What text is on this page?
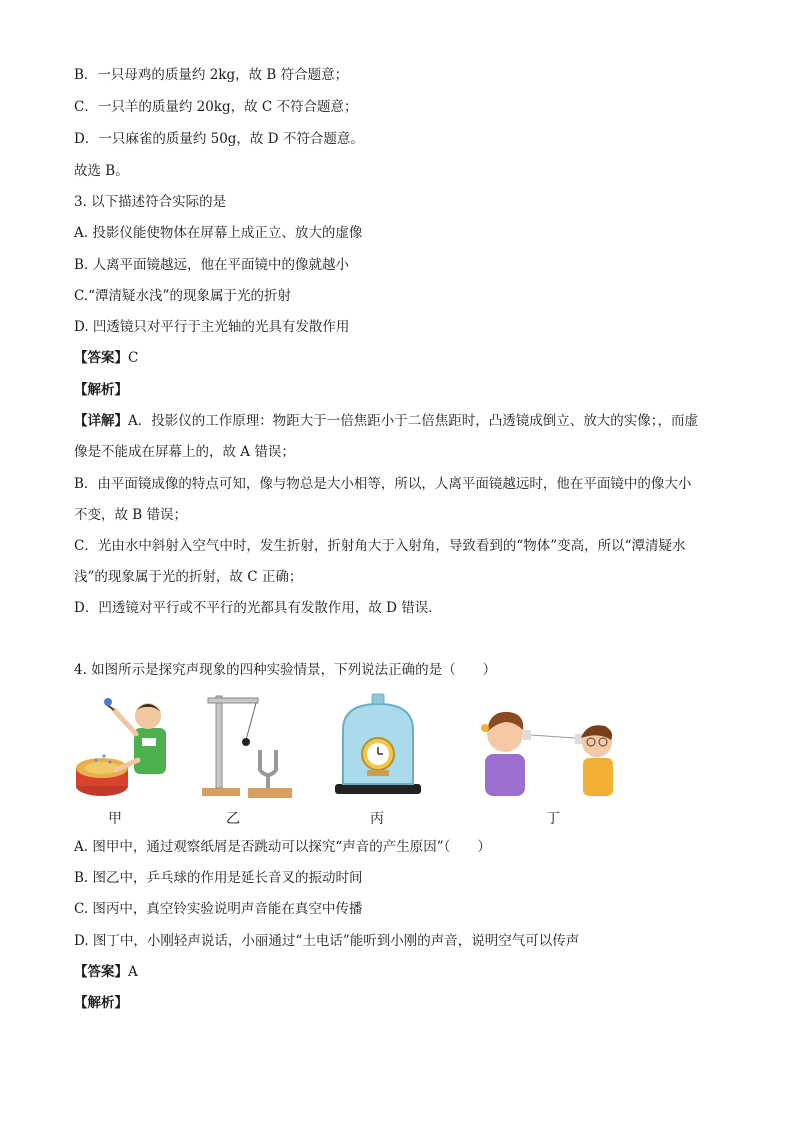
B．一只母鸡的质量约 2kg，故 B 符合题意；
C．一只羊的质量约 20kg，故 C 不符合题意；
D．一只麻雀的质量约 50g，故 D 不符合题意。
故选 B。
3. 以下描述符合实际的是
A. 投影仪能使物体在屏幕上成正立、放大的虚像
B. 人离平面镜越远，他在平面镜中的像就越小
C.“潭清疑水浅”的现象属于光的折射
D. 凹透镜只对平行于主光轴的光具有发散作用
【答案】C
【解析】
【详解】A．投影仪的工作原理：物距大于一倍焦距小于二倍焦距时，凸透镜成倒立、放大的实像；，而虚
像是不能成在屏幕上的，故 A 错误；
B．由平面镜成像的特点可知，像与物总是大小相等，所以，人离平面镜越远时，他在平面镜中的像大小
不变，故 B 错误；
C．光由水中斜射入空气中时，发生折射，折射角大于入射角，导致看到的“物体”变高，所以“潭清疑水
浅”的现象属于光的折射，故 C 正确；
D．凹透镜对平行或不平行的光都具有发散作用，故 D 错误．
4. 如图所示是探究声现象的四种实验情景，下列说法正确的是（　　）
甲	乙	丙	丁
A. 图甲中，通过观察纸屑是否跳动可以探究“声音的产生原因”（　　）
B. 图乙中，乒乓球的作用是延长音叉的振动时间
C. 图丙中，真空铃实验说明声音能在真空中传播
D. 图丁中，小刚轻声说话，小丽通过“土电话”能听到小刚的声音，说明空气可以传声
【答案】A
【解析】
